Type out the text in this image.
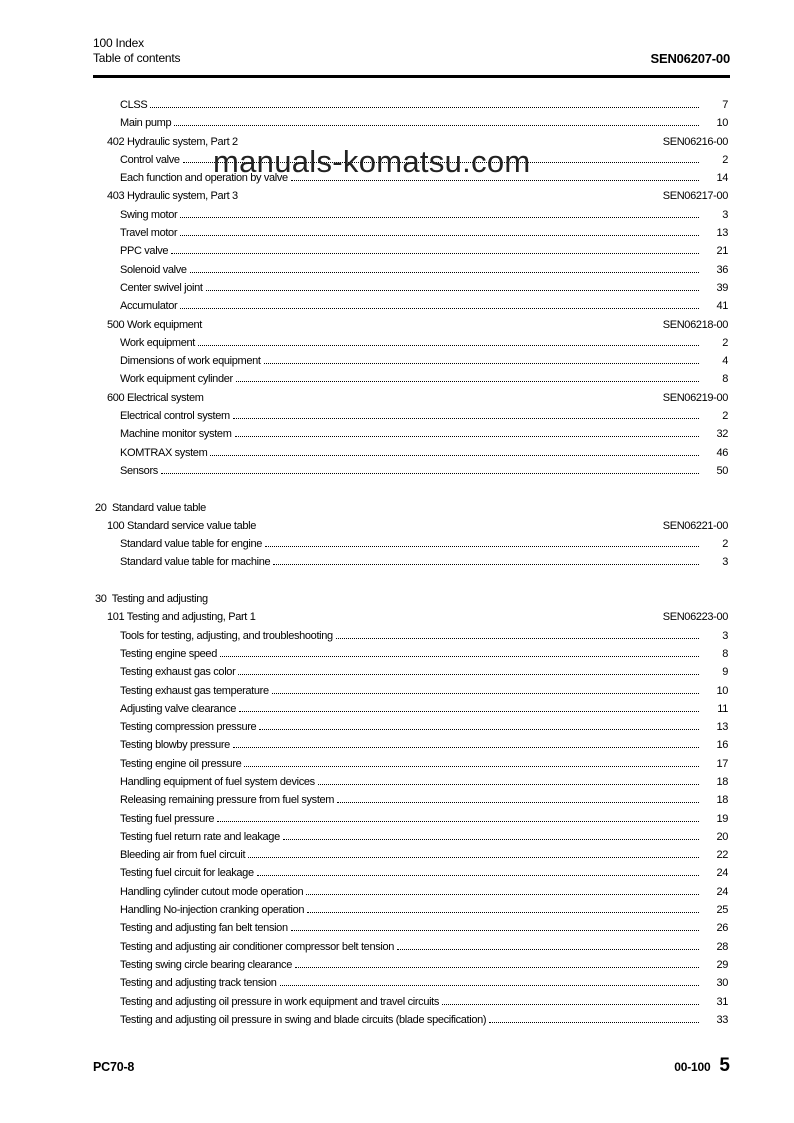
100 Index
Table of contents	SEN06207-00
CLSS	7
Main pump	10
402 Hydraulic system, Part 2	SEN06216-00
Control valve	2
Each function and operation by valve	14
403 Hydraulic system, Part 3	SEN06217-00
Swing motor	3
Travel motor	13
PPC valve	21
Solenoid valve	36
Center swivel joint	39
Accumulator	41
500 Work equipment	SEN06218-00
Work equipment	2
Dimensions of work equipment	4
Work equipment cylinder	8
600 Electrical system	SEN06219-00
Electrical control system	2
Machine monitor system	32
KOMTRAX system	46
Sensors	50
20  Standard value table
100 Standard service value table	SEN06221-00
Standard value table for engine	2
Standard value table for machine	3
30  Testing and adjusting
101 Testing and adjusting, Part 1	SEN06223-00
Tools for testing, adjusting, and troubleshooting	3
Testing engine speed	8
Testing exhaust gas color	9
Testing exhaust gas temperature	10
Adjusting valve clearance	11
Testing compression pressure	13
Testing blowby pressure	16
Testing engine oil pressure	17
Handling equipment of fuel system devices	18
Releasing remaining pressure from fuel system	18
Testing fuel pressure	19
Testing fuel return rate and leakage	20
Bleeding air from fuel circuit	22
Testing fuel circuit for leakage	24
Handling cylinder cutout mode operation	24
Handling No-injection cranking operation	25
Testing and adjusting fan belt tension	26
Testing and adjusting air conditioner compressor belt tension	28
Testing swing circle bearing clearance	29
Testing and adjusting track tension	30
Testing and adjusting oil pressure in work equipment and travel circuits	31
Testing and adjusting oil pressure in swing and blade circuits (blade specification)	33
manuals-komatsu.com
PC70-8	00-100 5
